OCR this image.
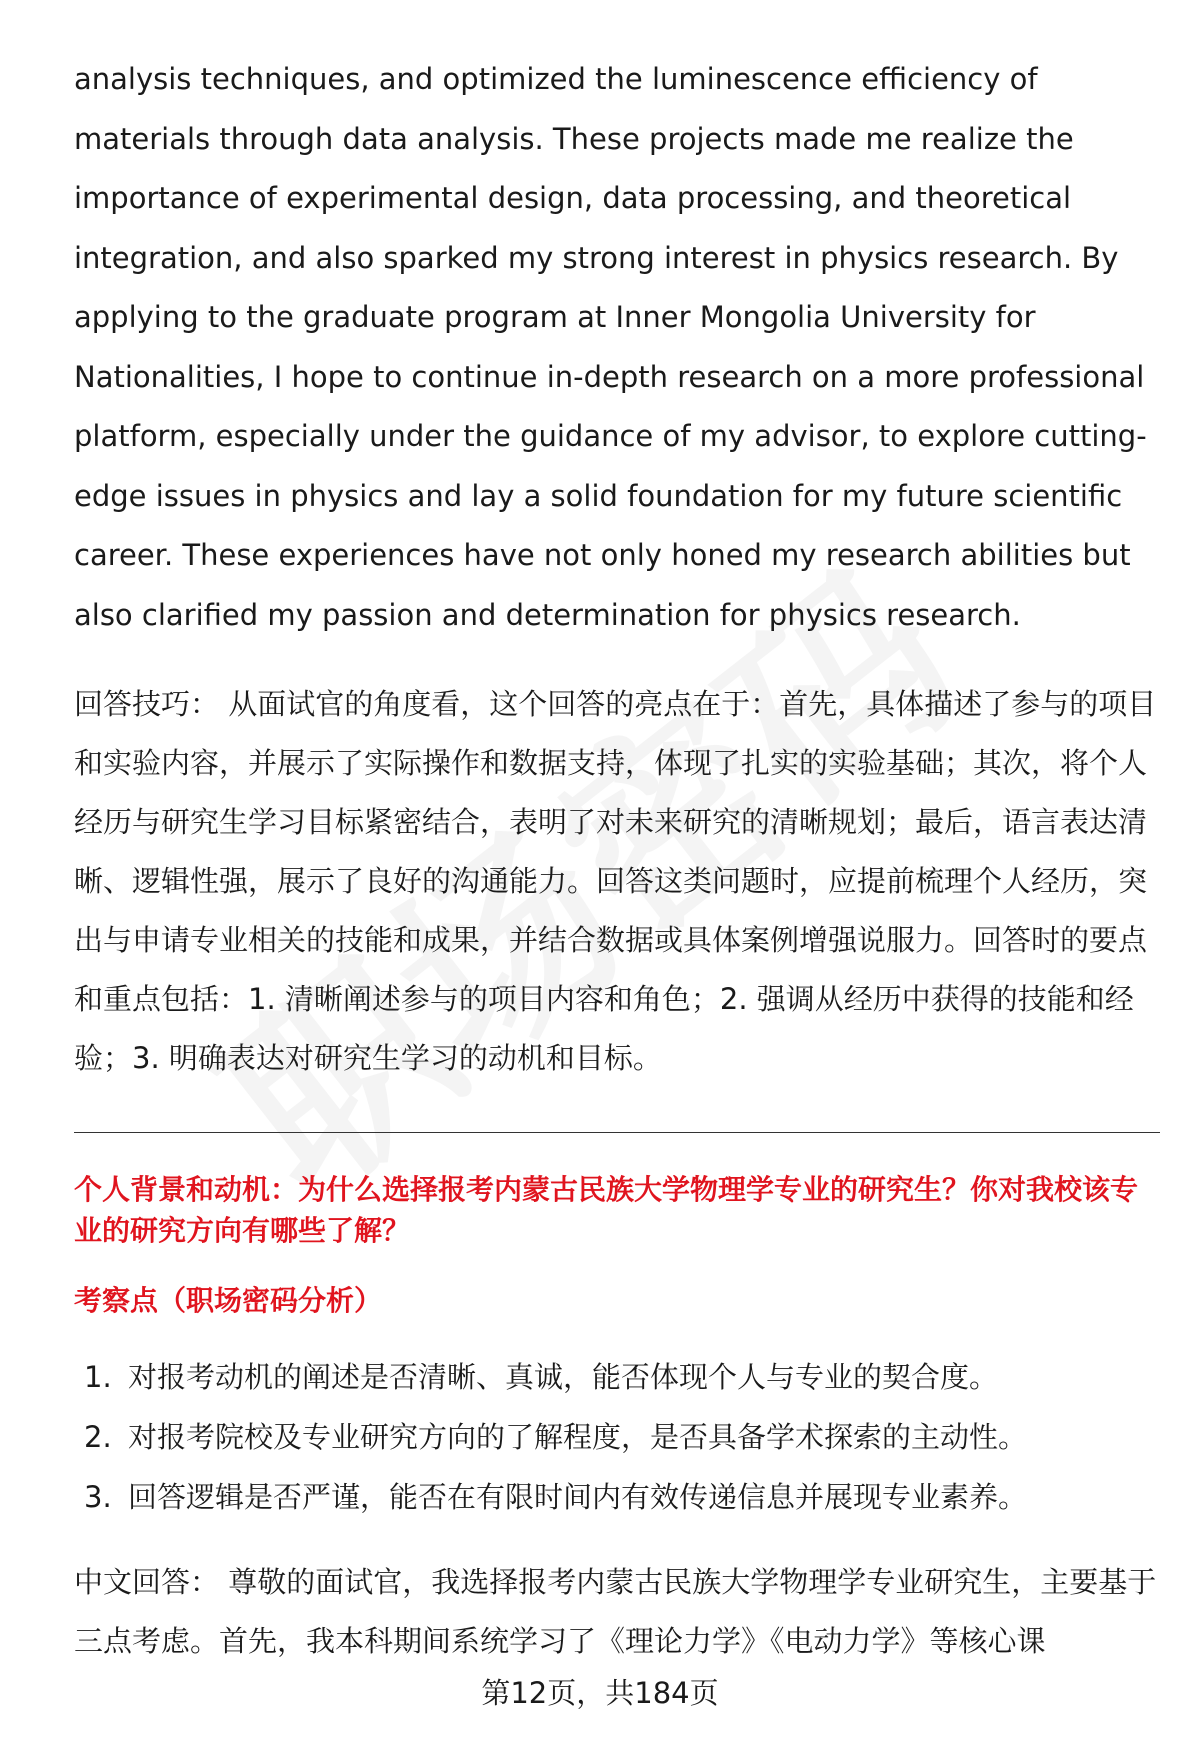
analysis techniques, and optimized the luminescence efficiency of materials through data analysis. These projects made me realize the importance of experimental design, data processing, and theoretical integration, and also sparked my strong interest in physics research. By applying to the graduate program at Inner Mongolia University for Nationalities, I hope to continue in-depth research on a more professional platform, especially under the guidance of my advisor, to explore cutting-edge issues in physics and lay a solid foundation for my future scientific career. These experiences have not only honed my research abilities but also clarified my passion and determination for physics research.

回答技巧： 从面试官的角度看，这个回答的亮点在于：首先，具体描述了参与的项目和实验内容，并展示了实际操作和数据支持，体现了扎实的实验基础；其次，将个人经历与研究生学习目标紧密结合，表明了对未来研究的清晰规划；最后，语言表达清晰、逻辑性强，展示了良好的沟通能力。回答这类问题时，应提前梳理个人经历，突出与申请专业相关的技能和成果，并结合数据或具体案例增强说服力。回答时的要点和重点包括：1. 清晰阐述参与的项目内容和角色；2. 强调从经历中获得的技能和经验；3. 明确表达对研究生学习的动机和目标。

个人背景和动机：为什么选择报考内蒙古民族大学物理学专业的研究生？你对我校该专业的研究方向有哪些了解？
考察点（职场密码分析）
1. 对报考动机的阐述是否清晰、真诚，能否体现个人与专业的契合度。
2. 对报考院校及专业研究方向的了解程度，是否具备学术探索的主动性。
3. 回答逻辑是否严谨，能否在有限时间内有效传递信息并展现专业素养。

中文回答： 尊敬的面试官，我选择报考内蒙古民族大学物理学专业研究生，主要基于三点考虑。首先，我本科期间系统学习了《理论力学》《电动力学》等核心课

第12页，共184页
